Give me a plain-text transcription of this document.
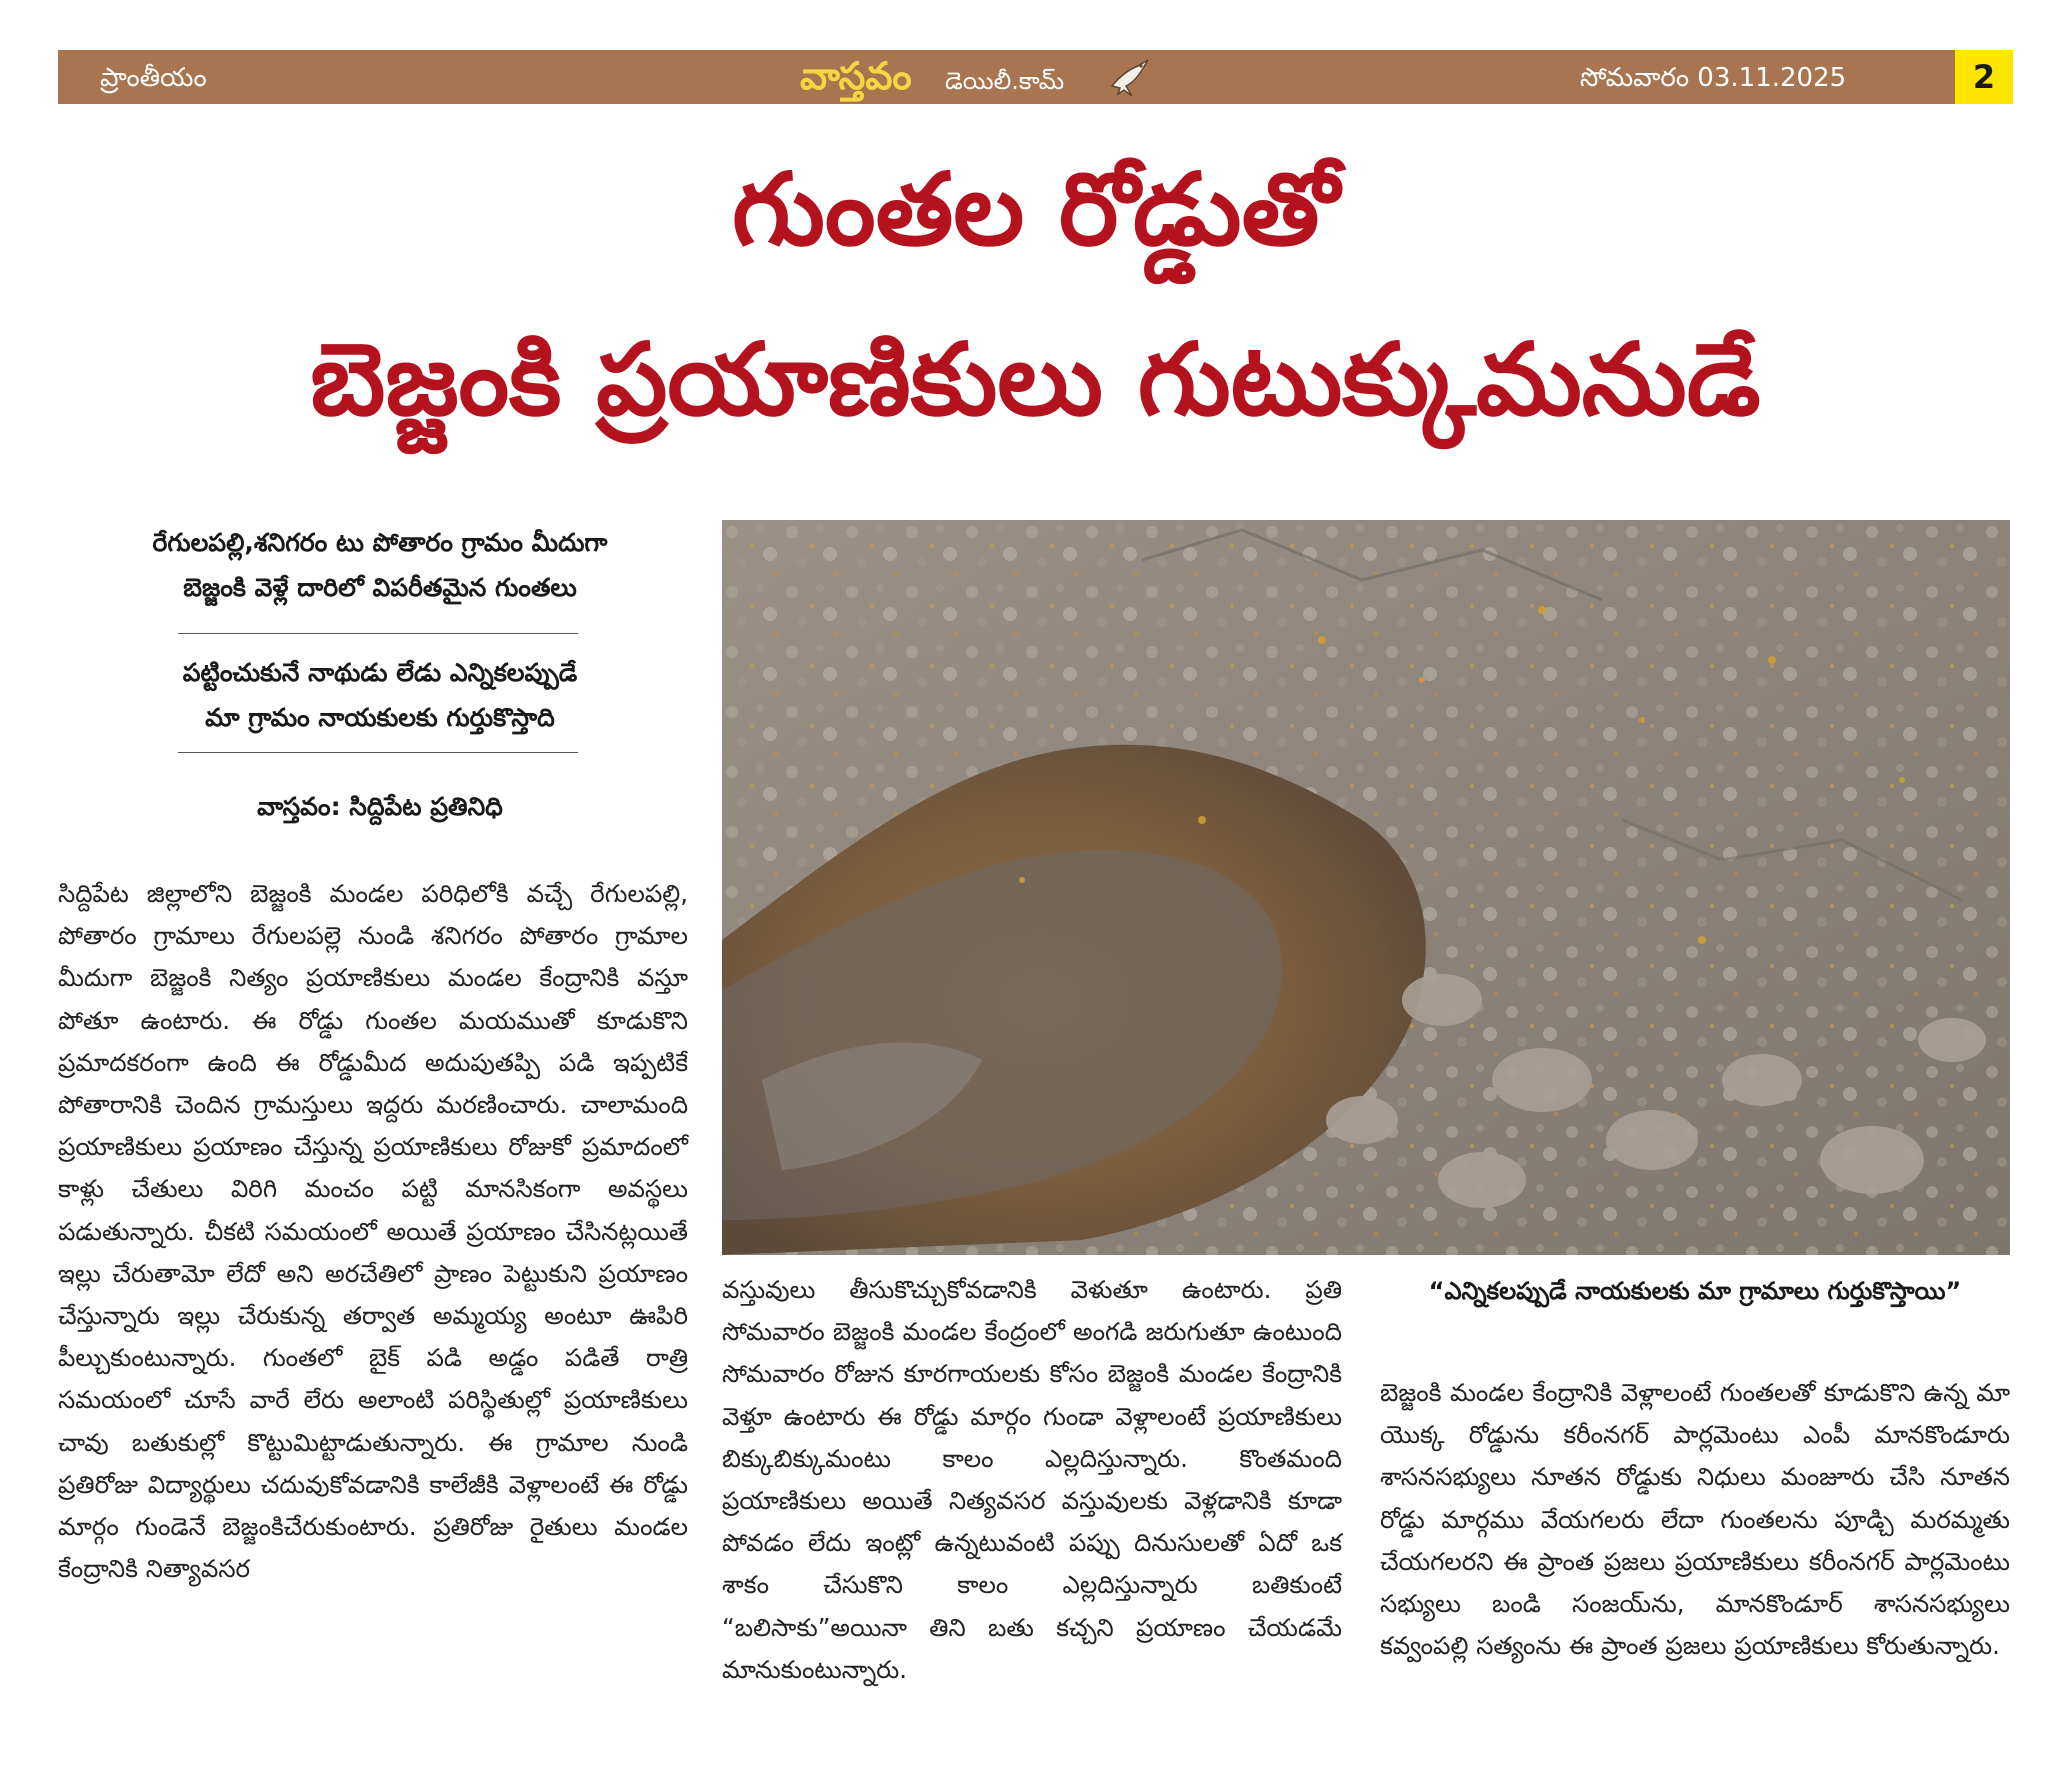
ప్రాంతీయం	వాస్తవం డెయిలీ.కామ్	సోమవారం 03.11.2025	2
గుంతల రోడ్డుతో
బెజ్జంకి ప్రయాణికులు గుటుక్కుమనుడే
రేగులపల్లి,శనిగరం టు పోతారం గ్రామం మీదుగా
బెజ్జంకి వెళ్లే దారిలో విపరీతమైన గుంతలు
పట్టించుకునే నాథుడు లేడు ఎన్నికలప్పుడే
మా గ్రామం నాయకులకు గుర్తుకొస్తాది
వాస్తవం: సిద్దిపేట ప్రతినిధి
సిద్దిపేట జిల్లాలోని బెజ్జంకి మండల పరిధిలోకి వచ్చే రేగులపల్లి, పోతారం గ్రామాలు రేగులపల్లె నుండి శనిగరం పోతారం గ్రామాల మీదుగా బెజ్జంకి నిత్యం ప్రయాణికులు మండల కేంద్రానికి వస్తూ పోతూ ఉంటారు. ఈ రోడ్డు గుంతల మయముతో కూడుకొని ప్రమాదకరంగా ఉంది ఈ రోడ్డుమీద అదుపుతప్పి పడి ఇప్పటికే పోతారానికి చెందిన గ్రామస్తులు ఇద్దరు మరణించారు. చాలామంది ప్రయాణికులు ప్రయాణం చేస్తున్న ప్రయాణికులు రోజుకో ప్రమాదంలో కాళ్లు చేతులు విరిగి మంచం పట్టి మానసికంగా అవస్థలు పడుతున్నారు. చీకటి సమయంలో అయితే ప్రయాణం చేసినట్లయితే ఇల్లు చేరుతామో లేదో అని అరచేతిలో ప్రాణం పెట్టుకుని ప్రయాణం చేస్తున్నారు ఇల్లు చేరుకున్న తర్వాత అమ్మయ్య అంటూ ఊపిరి పీల్చుకుంటున్నారు. గుంతలో బైక్ పడి అడ్డం పడితే రాత్రి సమయంలో చూసే వారే లేరు అలాంటి పరిస్థితుల్లో ప్రయాణికులు చావు బతుకుల్లో కొట్టుమిట్టాడుతున్నారు. ఈ గ్రామాల నుండి ప్రతిరోజు విద్యార్థులు చదువుకోవడానికి కాలేజీకి వెళ్లాలంటే ఈ రోడ్డు మార్గం గుండెనే బెజ్జంకిచేరుకుంటారు. ప్రతిరోజు రైతులు మండల కేంద్రానికి నిత్యావసర
వస్తువులు తీసుకొచ్చుకోవడానికి వెళుతూ ఉంటారు. ప్రతి సోమవారం బెజ్జంకి మండల కేంద్రంలో అంగడి జరుగుతూ ఉంటుంది సోమవారం రోజున కూరగాయలకు కోసం బెజ్జంకి మండల కేంద్రానికి వెళ్తూ ఉంటారు ఈ రోడ్డు మార్గం గుండా వెళ్లాలంటే ప్రయాణికులు బిక్కుబిక్కుమంటు కాలం ఎల్లదిస్తున్నారు. కొంతమంది ప్రయాణికులు అయితే నిత్యవసర వస్తువులకు వెళ్లడానికి కూడా పోవడం లేదు ఇంట్లో ఉన్నటువంటి పప్పు దినుసులతో ఏదో ఒక శాకం చేసుకొని కాలం ఎల్లదిస్తున్నారు బతికుంటే “బలిసాకు”అయినా తిని బతు కచ్చని ప్రయాణం చేయడమే మానుకుంటున్నారు.
“ఎన్నికలప్పుడే నాయకులకు మా గ్రామాలు గుర్తుకొస్తాయి”
బెజ్జంకి మండల కేంద్రానికి వెళ్లాలంటే గుంతలతో కూడుకొని ఉన్న మా యొక్క రోడ్డును కరీంనగర్ పార్లమెంటు ఎంపీ మానకొండూరు శాసనసభ్యులు నూతన రోడ్డుకు నిధులు మంజూరు చేసి నూతన రోడ్డు మార్గము వేయగలరు లేదా గుంతలను పూడ్చి మరమ్మతు చేయగలరని ఈ ప్రాంత ప్రజలు ప్రయాణికులు కరీంనగర్ పార్లమెంటు సభ్యులు బండి సంజయ్‌ను, మానకొండూర్ శాసనసభ్యులు కవ్వంపల్లి సత్యంను ఈ ప్రాంత ప్రజలు ప్రయాణికులు కోరుతున్నారు.
